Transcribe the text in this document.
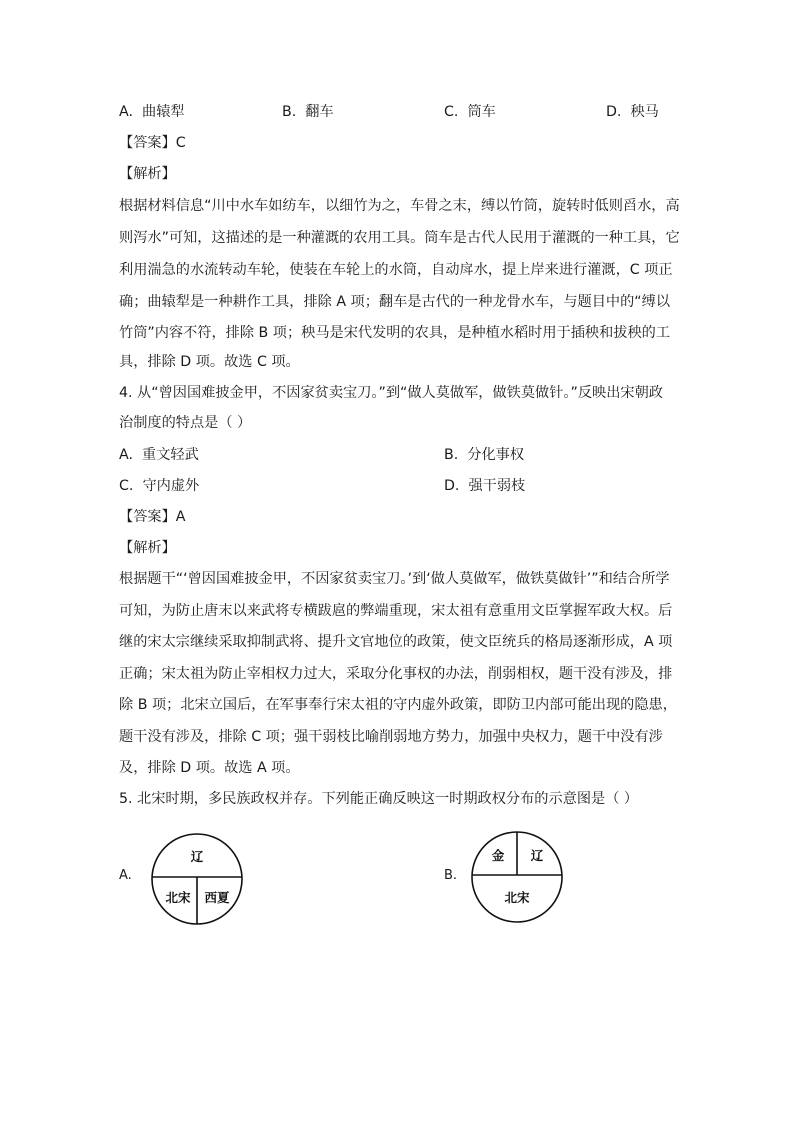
A. 曲辕犁	B. 翻车	C. 筒车	D. 秧马
【答案】C
【解析】
根据材料信息“川中水车如纺车，以细竹为之，车骨之末，缚以竹筒，旋转时低则舀水，高
则泻水”可知，这描述的是一种灌溉的农用工具。筒车是古代人民用于灌溉的一种工具，它
利用湍急的水流转动车轮，使装在车轮上的水筒，自动戽水，提上岸来进行灌溉，C 项正
确；曲辕犁是一种耕作工具，排除 A 项；翻车是古代的一种龙骨水车，与题目中的“缚以
竹筒”内容不符，排除 B 项；秧马是宋代发明的农具，是种植水稻时用于插秧和拔秧的工
具，排除 D 项。故选 C 项。
4. 从“曾因国难披金甲，不因家贫卖宝刀。”到“做人莫做军，做铁莫做针。”反映出宋朝政
治制度的特点是（ ）
A. 重文轻武	B. 分化事权
C. 守内虚外	D. 强干弱枝
【答案】A
【解析】
根据题干“‘曾因国难披金甲，不因家贫卖宝刀。’到‘做人莫做军，做铁莫做针’”和结合所学
可知，为防止唐末以来武将专横跋扈的弊端重现，宋太祖有意重用文臣掌握军政大权。后
继的宋太宗继续采取抑制武将、提升文官地位的政策，使文臣统兵的格局逐渐形成，A 项
正确；宋太祖为防止宰相权力过大，采取分化事权的办法，削弱相权，题干没有涉及，排
除 B 项；北宋立国后，在军事奉行宋太祖的守内虚外政策，即防卫内部可能出现的隐患，
题干没有涉及，排除 C 项；强干弱枝比喻削弱地方势力，加强中央权力，题干中没有涉
及，排除 D 项。故选 A 项。
5. 北宋时期，多民族政权并存。下列能正确反映这一时期政权分布的示意图是（ ）
A.
辽
北宋 西夏
B.
金 辽
北宋
